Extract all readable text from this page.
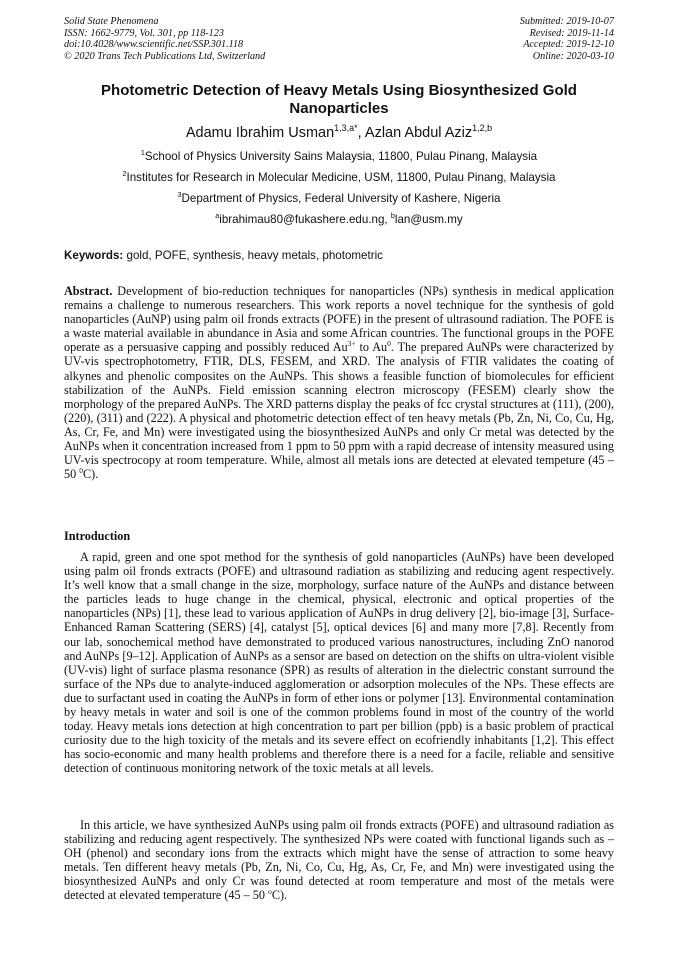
Solid State Phenomena
ISSN: 1662-9779, Vol. 301, pp 118-123
doi:10.4028/www.scientific.net/SSP.301.118
© 2020 Trans Tech Publications Ltd, Switzerland
Submitted: 2019-10-07
Revised: 2019-11-14
Accepted: 2019-12-10
Online: 2020-03-10
Photometric Detection of Heavy Metals Using Biosynthesized Gold Nanoparticles
Adamu Ibrahim Usman$^{1,3,a*}$, Azlan Abdul Aziz$^{1,2,b}$
$^1$School of Physics University Sains Malaysia, 11800, Pulau Pinang, Malaysia
$^2$Institutes for Research in Molecular Medicine, USM, 11800, Pulau Pinang, Malaysia
$^3$Department of Physics, Federal University of Kashere, Nigeria
$^a$ibrahimau80@fukashere.edu.ng, $^b$lan@usm.my
Keywords: gold, POFE, synthesis, heavy metals, photometric
Abstract. Development of bio-reduction techniques for nanoparticles (NPs) synthesis in medical application remains a challenge to numerous researchers. This work reports a novel technique for the synthesis of gold nanoparticles (AuNP) using palm oil fronds extracts (POFE) in the present of ultrasound radiation. The POFE is a waste material available in abundance in Asia and some African countries. The functional groups in the POFE operate as a persuasive capping and possibly reduced $Au^{3+}$ to Au$^0$. The prepared AuNPs were characterized by UV-vis spectrophotometry, FTIR, DLS, FESEM, and XRD. The analysis of FTIR validates the coating of alkynes and phenolic composites on the AuNPs. This shows a feasible function of biomolecules for efficient stabilization of the AuNPs. Field emission scanning electron microscopy (FESEM) clearly show the morphology of the prepared AuNPs. The XRD patterns display the peaks of fcc crystal structures at (111), (200), (220), (311) and (222). A physical and photometric detection effect of ten heavy metals (Pb, Zn, Ni, Co, Cu, Hg, As, Cr, Fe, and Mn) were investigated using the biosynthesized AuNPs and only Cr metal was detected by the AuNPs when it concentration increased from 1 ppm to 50 ppm with a rapid decrease of intensity measured using UV-vis spectrocopy at room temperature. While, almost all metals ions are detected at elevated tempeture (45 – 50 $^0$C).
Introduction
A rapid, green and one spot method for the synthesis of gold nanoparticles (AuNPs) have been developed using palm oil fronds extracts (POFE) and ultrasound radiation as stabilizing and reducing agent respectively. It’s well know that a small change in the size, morphology, surface nature of the AuNPs and distance between the particles leads to huge change in the chemical, physical, electronic and optical properties of the nanoparticles (NPs) [1], these lead to various application of AuNPs in drug delivery [2], bio-image [3], Surface-Enhanced Raman Scattering (SERS) [4], catalyst [5], optical devices [6] and many more [7,8]. Recently from our lab, sonochemical method have demonstrated to produced various nanostructures, including ZnO nanorod and AuNPs [9–12]. Application of AuNPs as a sensor are based on detection on the shifts on ultra-violent visible (UV-vis) light of surface plasma resonance (SPR) as results of alteration in the dielectric constant surround the surface of the NPs due to analyte-induced agglomeration or adsorption molecules of the NPs. These effects are due to surfactant used in coating the AuNPs in form of ether ions or polymer [13]. Environmental contamination by heavy metals in water and soil is one of the common problems found in most of the country of the world today. Heavy metals ions detection at high concentration to part per billion (ppb) is a basic problem of practical curiosity due to the high toxicity of the metals and its severe effect on ecofriendly inhabitants [1,2]. This effect has socio-economic and many health problems and therefore there is a need for a facile, reliable and sensitive detection of continuous monitoring network of the toxic metals at all levels.
In this article, we have synthesized AuNPs using palm oil fronds extracts (POFE) and ultrasound radiation as stabilizing and reducing agent respectively. The synthesized NPs were coated with functional ligands such as –OH (phenol) and secondary ions from the extracts which might have the sense of attraction to some heavy metals. Ten different heavy metals (Pb, Zn, Ni, Co, Cu, Hg, As, Cr, Fe, and Mn) were investigated using the biosynthesized AuNPs and only Cr was found detected at room temperature and most of the metals were detected at elevated temperature (45 – 50 $^o$C).
